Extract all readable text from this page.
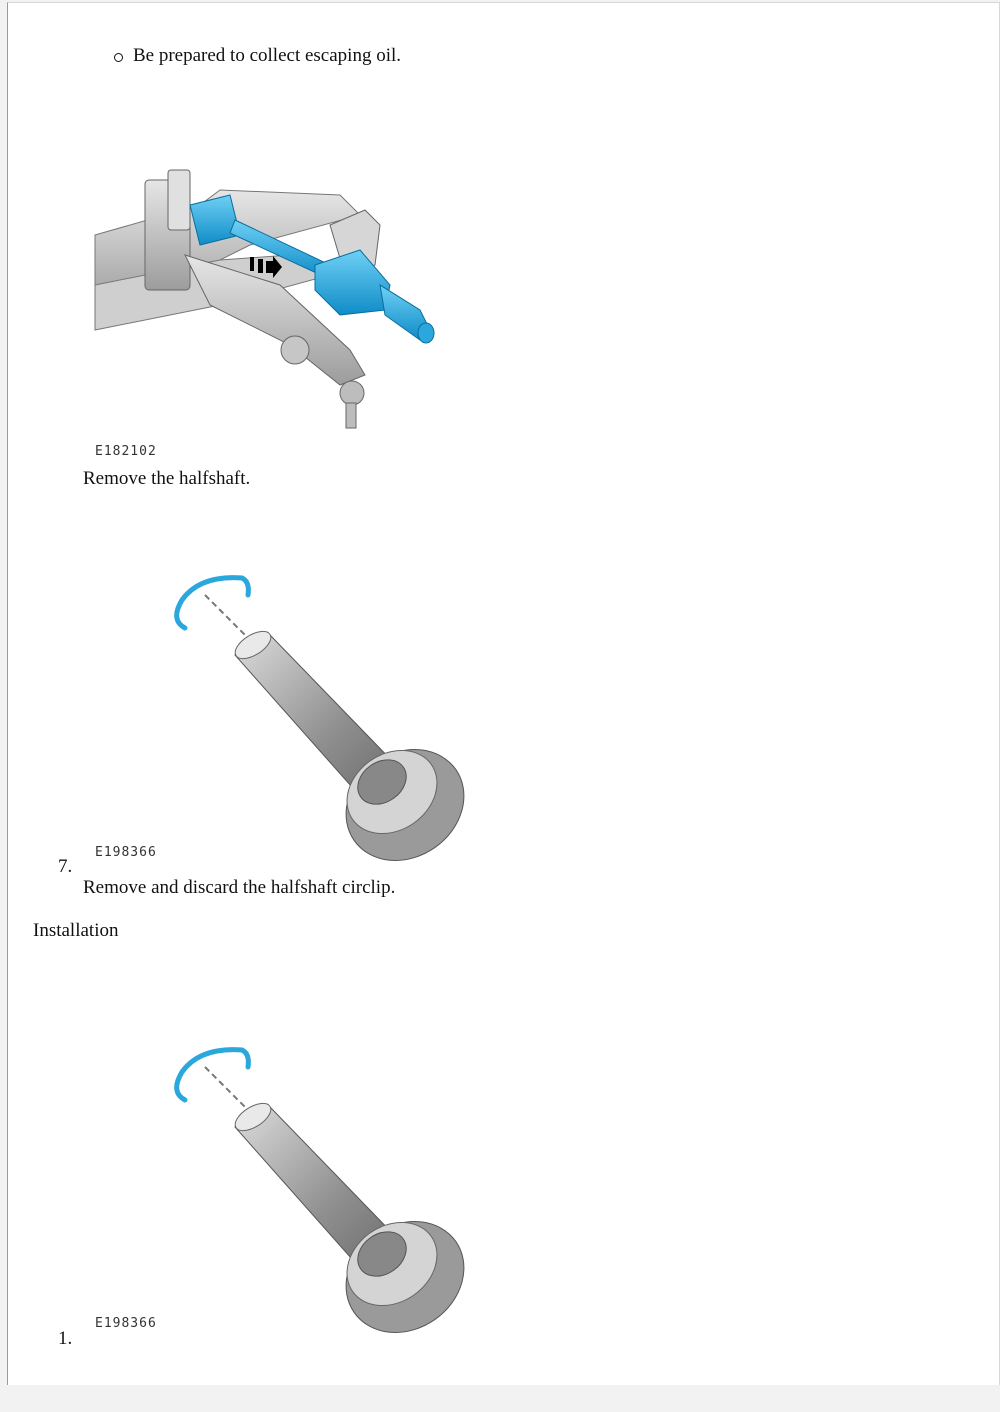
Be prepared to collect escaping oil.
E182102
Remove the halfshaft.
E198366
7.
Remove and discard the halfshaft circlip.
Installation
E198366
1.
